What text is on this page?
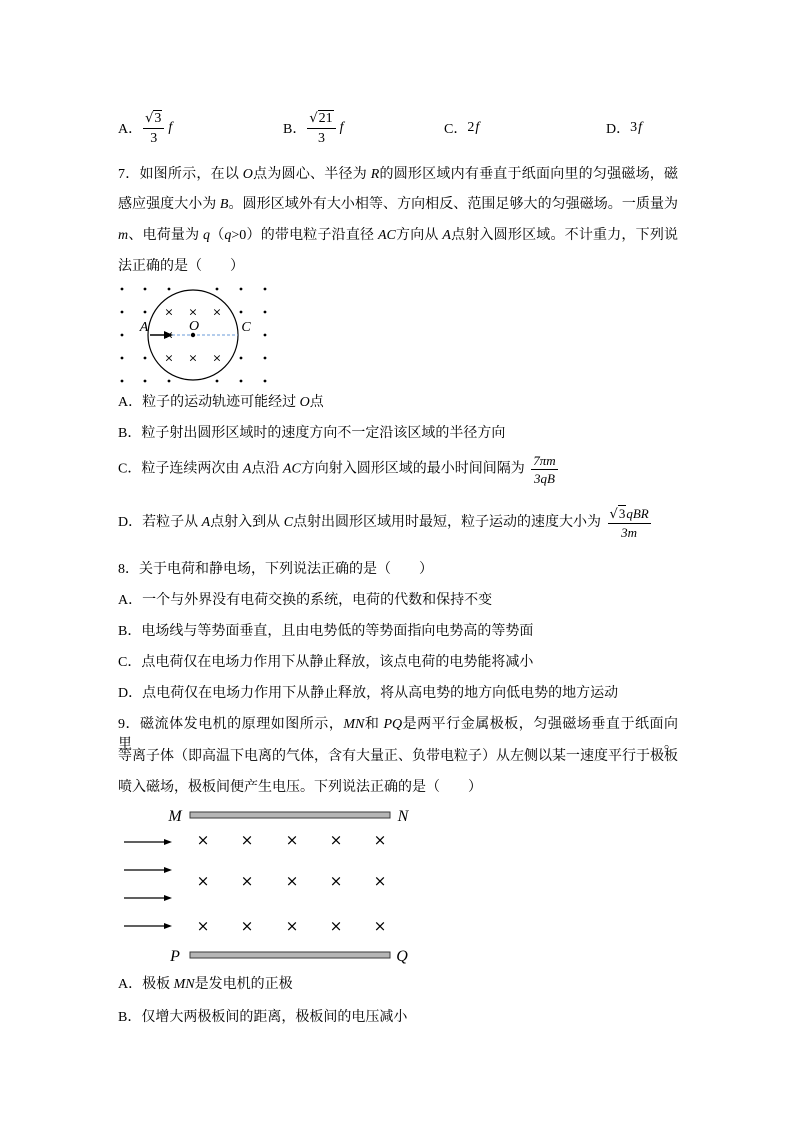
A． $\frac{√3}{3}$ f	B． $\frac{√21}{3}$ f	C． 2 f	D． 3 f
7．如图所示，在以 O点为圆心、半径为 R的圆形区域内有垂直于纸面向里的匀强磁场，磁
感应强度大小为 B。圆形区域外有大小相等、方向相反、范围足够大的匀强磁场。一质量为
m、电荷量为 q（q>0）的带电粒子沿直径 AC方向从 A点射入圆形区域。不计重力，下列说
法正确的是（　　）
A	O	C
× × ×
×
× × ×
A．粒子的运动轨迹可能经过 O点
B．粒子射出圆形区域时的速度方向不一定沿该区域的半径方向
C．粒子连续两次由 A点沿 AC方向射入圆形区域的最小时间间隔为 $\frac{7\pi m}{3qB}$
D．若粒子从 A点射入到从 C点射出圆形区域用时最短，粒子运动的速度大小为 $\frac{\text{√3qBR}}{3m}$
8．关于电荷和静电场，下列说法正确的是（　　）
A．一个与外界没有电荷交换的系统，电荷的代数和保持不变
B．电场线与等势面垂直，且由电势低的等势面指向电势高的等势面
C．点电荷仅在电场力作用下从静止释放，该点电荷的电势能将减小
D．点电荷仅在电场力作用下从静止释放，将从高电势的地方向低电势的地方运动
9．磁流体发电机的原理如图所示，MN和 PQ是两平行金属极板，匀强磁场垂直于纸面向里。
等离子体（即高温下电离的气体，含有大量正、负带电粒子）从左侧以某一速度平行于极板
喷入磁场，极板间便产生电压。下列说法正确的是（　　）
M	N
P	Q
× × × × ×
× × × × ×
× × × × ×
A．极板 MN是发电机的正极
B．仅增大两极板间的距离，极板间的电压减小
